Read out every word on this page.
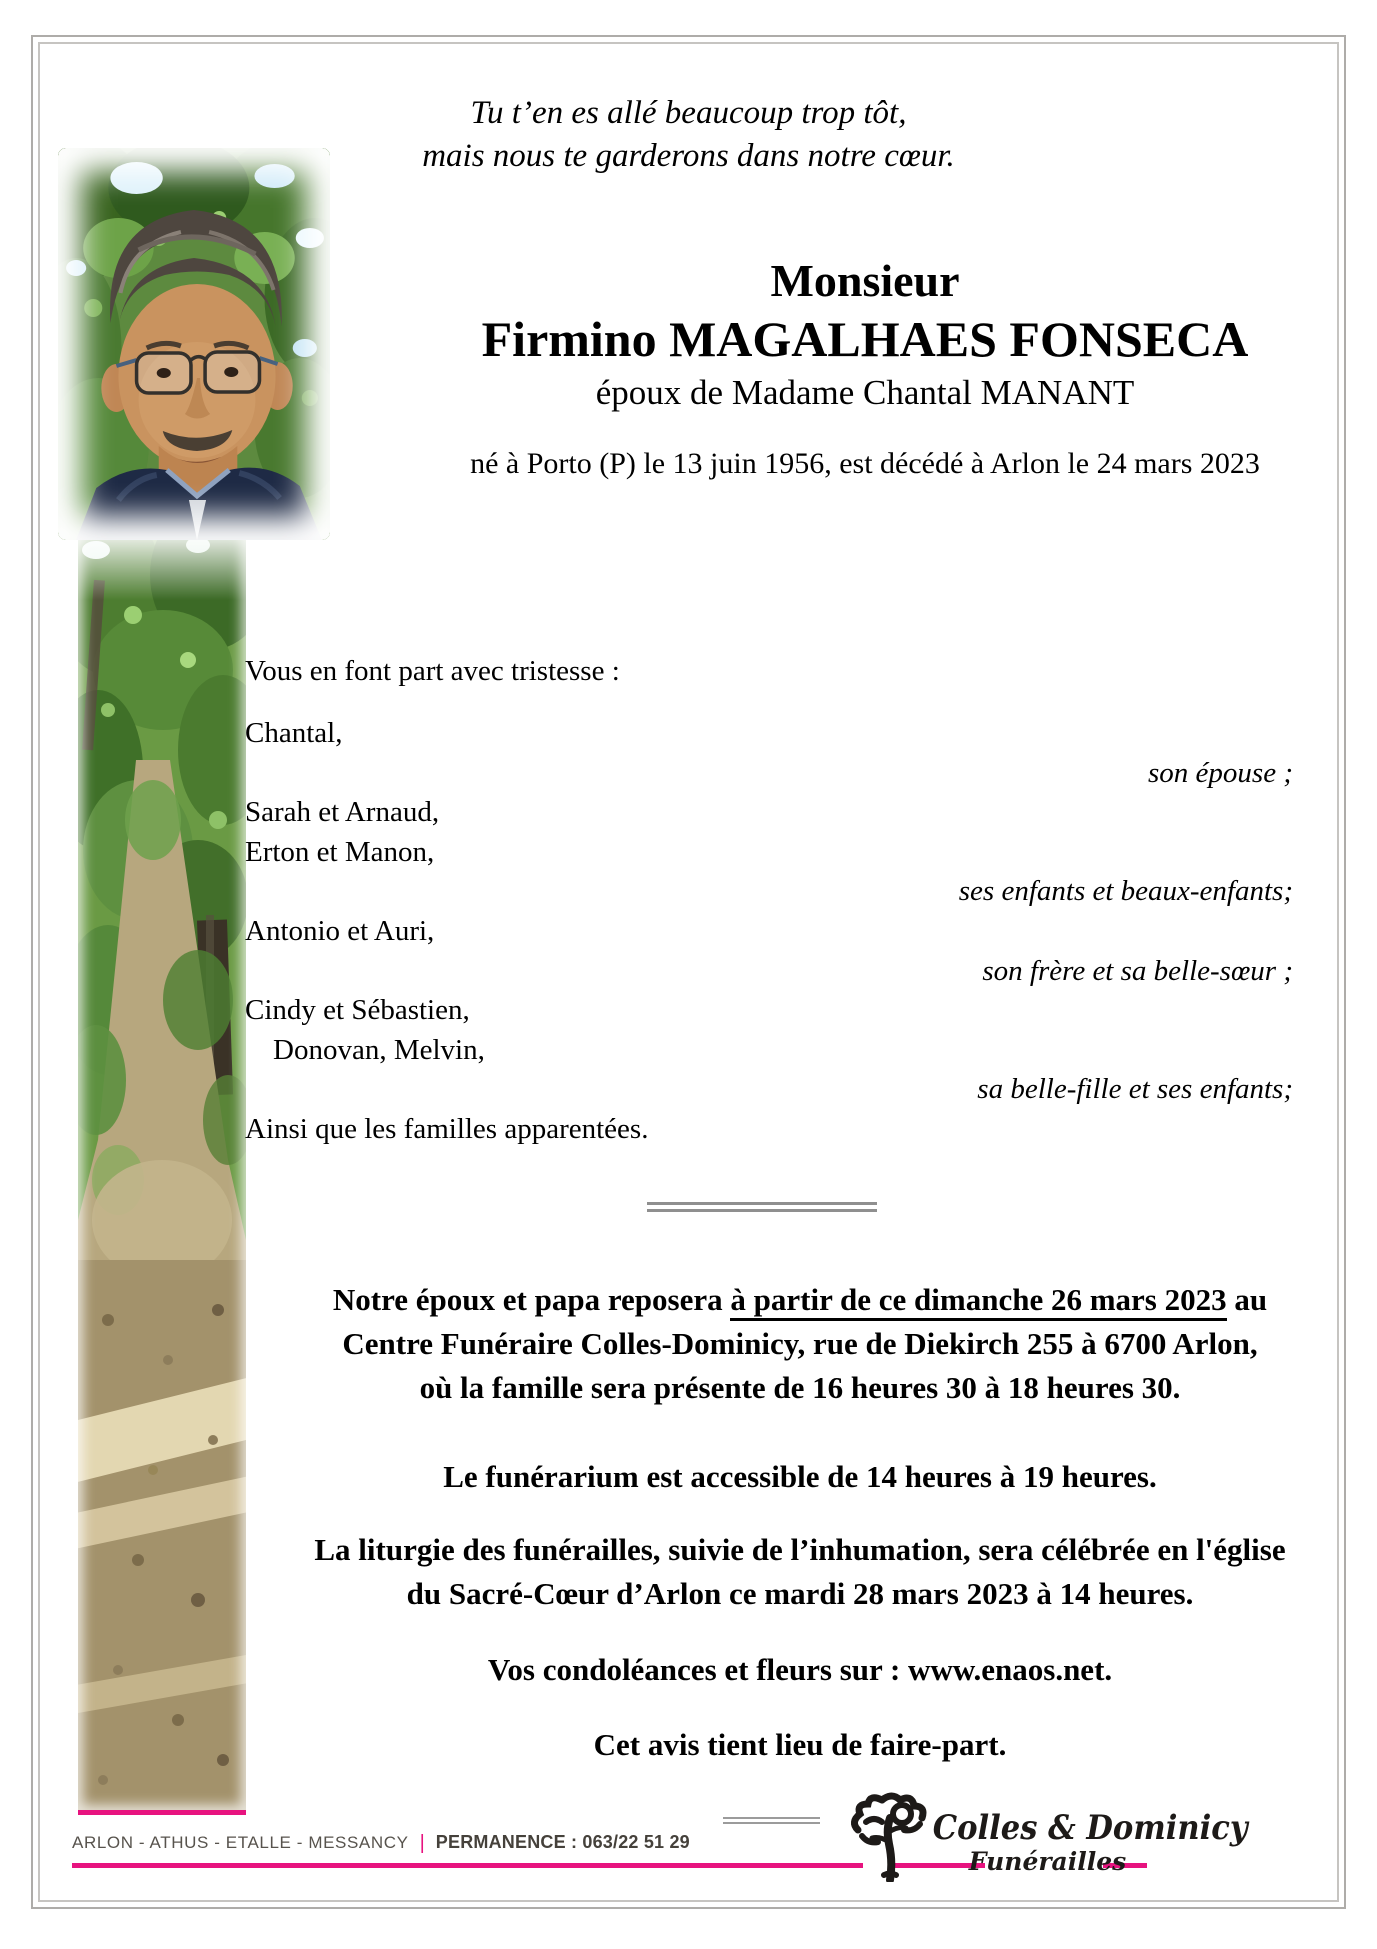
Tu t’en es allé beaucoup trop tôt,
mais nous te garderons dans notre cœur.
Monsieur
Firmino MAGALHAES FONSECA
époux de Madame Chantal MANANT
né à Porto (P) le 13 juin 1956, est décédé à Arlon le 24 mars 2023
Vous en font part avec tristesse :
Chantal,
son épouse ;
Sarah et Arnaud,
Erton et Manon,
ses enfants et beaux-enfants;
Antonio et Auri,
son frère et sa belle-sœur ;
Cindy et Sébastien,
Donovan, Melvin,
sa belle-fille et ses enfants;
Ainsi que les familles apparentées.

Notre époux et papa reposera à partir de ce dimanche 26 mars 2023 au

Centre Funéraire Colles-Dominicy, rue de Diekirch 255 à 6700 Arlon,

où la famille sera présente de 16 heures 30 à 18 heures 30.

Le funérarium est accessible de 14 heures à 19 heures.

La liturgie des funérailles, suivie de l’inhumation, sera célébrée en l'église

du Sacré-Cœur d’Arlon ce mardi 28 mars 2023 à 14 heures.

Vos condoléances et fleurs sur : www.enaos.net.

Cet avis tient lieu de faire-part.

ARLON - ATHUS - ETALLE - MESSANCY | PERMANENCE : 063/22 51 29	Colles & Dominicy
Funérailles
